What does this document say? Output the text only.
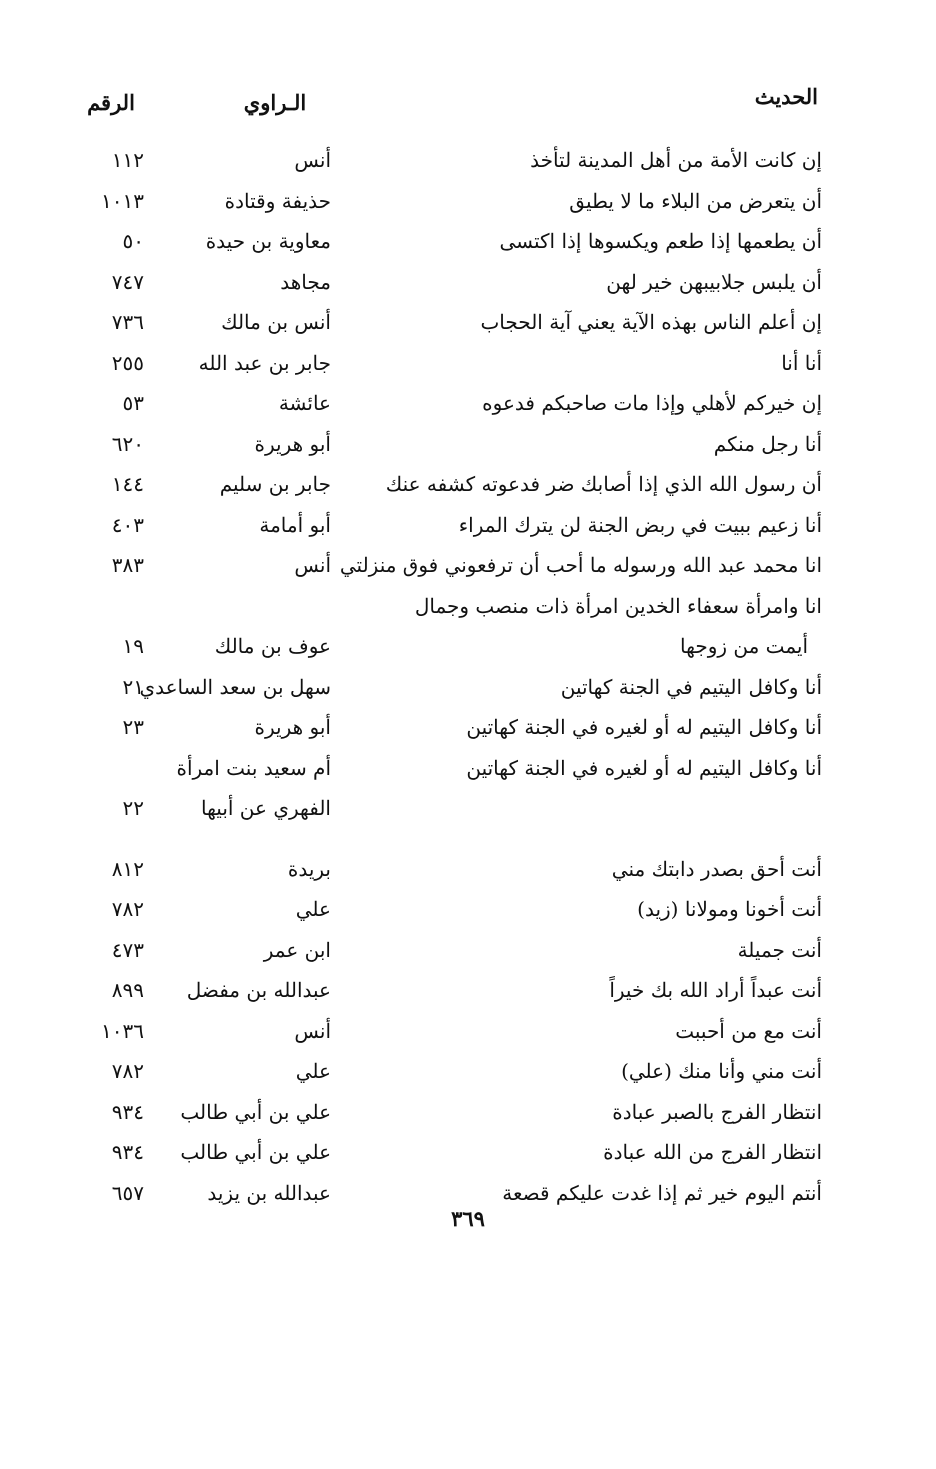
الحديث
الـراوي
الرقم
إن كانت الأمة من أهل المدينة لتأخذ
أنس
١١٢
أن يتعرض من البلاء ما لا يطيق
حذيفة وقتادة
١٠١٣
أن يطعمها إذا طعم ويكسوها إذا اكتسى
معاوية بن حيدة
٥٠
أن يلبس جلابيبهن خير لهن
مجاهد
٧٤٧
إن أعلم الناس بهذه الآية يعني آية الحجاب
أنس بن مالك
٧٣٦
أنا أنا
جابر بن عبد الله
٢٥٥
إن خيركم لأهلي وإذا مات صاحبكم فدعوه
عائشة
٥٣
أنا رجل منكم
أبو هريرة
٦٢٠
أن رسول الله الذي إذا أصابك ضر فدعوته كشفه عنك
جابر بن سليم
١٤٤
أنا زعيم ببيت في ربض الجنة لن يترك المراء
أبو أمامة
٤٠٣
انا محمد عبد الله ورسوله ما أحب أن ترفعوني فوق منزلتي
أنس
٣٨٣
انا وامرأة سعفاء الخدين امرأة ذات منصب وجمال
أيمت من زوجها
عوف بن مالك
١٩
أنا وكافل اليتيم في الجنة كهاتين
سهل بن سعد الساعدي
٢١
أنا وكافل اليتيم له أو لغيره في الجنة كهاتين
أبو هريرة
٢٣
أنا وكافل اليتيم له أو لغيره في الجنة كهاتين
أم سعيد بنت امرأة
الفهري عن أبيها
٢٢
أنت أحق بصدر دابتك مني
بريدة
٨١٢
أنت أخونا ومولانا (زيد)
علي
٧٨٢
أنت جميلة
ابن عمر
٤٧٣
أنت عبداً أراد الله بك خيراً
عبدالله بن مفضل
٨٩٩
أنت مع من أحببت
أنس
١٠٣٦
أنت مني وأنا منك (علي)
علي
٧٨٢
انتظار الفرج بالصبر عبادة
علي بن أبي طالب
٩٣٤
انتظار الفرج من الله عبادة
علي بن أبي طالب
٩٣٤
أنتم اليوم خير ثم إذا غدت عليكم قصعة
عبدالله بن يزيد
٦٥٧
٣٦٩
